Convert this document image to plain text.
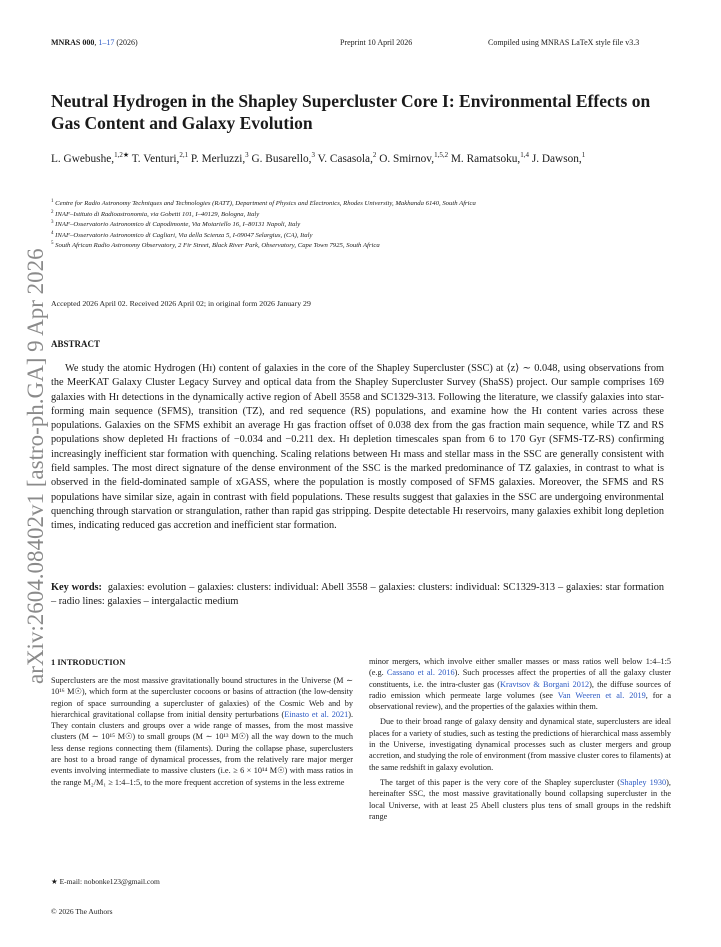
MNRAS 000, 1–17 (2026)	Preprint 10 April 2026	Compiled using MNRAS LaTeX style file v3.3
arXiv:2604.08402v1 [astro-ph.GA] 9 Apr 2026
Neutral Hydrogen in the Shapley Supercluster Core I: Environmental Effects on Gas Content and Galaxy Evolution
L. Gwebushe,$^{1,2★}$ T. Venturi,$^{2,1}$ P. Merluzzi,$^3$ G. Busarello,$^3$ V. Casasola,$^2$ O. Smirnov,$^{1,5,2}$ M. Ramatsoku,$^{1,4}$ J. Dawson,$^1$
$^1$ Centre for Radio Astronomy Techniques and Technologies (RATT), Department of Physics and Electronics, Rhodes University, Makhanda 6140, South Africa
$^2$ INAF–Istituto di Radioastronomia, via Gobetti 101, I–40129, Bologna, Italy
$^3$ INAF–Osservatorio Astronomico di Capodimonte, Via Moiariello 16, I–80131 Napoli, Italy
$^4$ INAF–Osservatorio Astronomico di Cagliari, Via della Scienza 5, I-09047 Selargius, (CA), Italy
$^5$ South African Radio Astronomy Observatory, 2 Fir Street, Black River Park, Observatory, Cape Town 7925, South Africa
Accepted 2026 April 02. Received 2026 April 02; in original form 2026 January 29
ABSTRACT
We study the atomic Hydrogen (Hɪ) content of galaxies in the core of the Shapley Supercluster (SSC) at ⟨z⟩ ∼ 0.048, using observations from the MeerKAT Galaxy Cluster Legacy Survey and optical data from the Shapley Supercluster Survey (ShaSS) project. Our sample comprises 169 galaxies with Hɪ detections in the dynamically active region of Abell 3558 and SC1329-313. Following the literature, we classify galaxies into star-forming main sequence (SFMS), transition (TZ), and red sequence (RS) populations, and examine how the Hɪ content varies across these populations. Galaxies on the SFMS exhibit an average Hɪ gas fraction offset of 0.038 dex from the gas fraction main sequence, while TZ and RS populations show depleted Hɪ fractions of −0.034 and −0.211 dex. Hɪ depletion timescales span from 6 to 170 Gyr (SFMS-TZ-RS) confirming increasingly inefficient star formation with quenching. Scaling relations between Hɪ mass and stellar mass in the SSC are generally consistent with field samples. The most direct signature of the dense environment of the SSC is the marked predominance of TZ galaxies, in contrast to what is observed in the field-dominated sample of xGASS, where the population is mostly composed of SFMS galaxies. Moreover, the SFMS and RS populations have similar size, again in contrast with field populations. These results suggest that galaxies in the SSC are undergoing environmental quenching through starvation or strangulation, rather than rapid gas stripping. Despite detectable Hɪ reservoirs, many galaxies exhibit long depletion times, indicating reduced gas accretion and inefficient star formation.
Key words: galaxies: evolution – galaxies: clusters: individual: Abell 3558 – galaxies: clusters: individual: SC1329-313 – galaxies: star formation – radio lines: galaxies – intergalactic medium
1 INTRODUCTION

Superclusters are the most massive gravitationally bound structures in the Universe (M ∼ 10¹⁶ M☉), which form at the supercluster cocoons or basins of attraction (the low-density region of space surrounding a supercluster of galaxies) of the Cosmic Web and by hierarchical gravitational collapse from initial density perturbations (Einasto et al. 2021). They contain clusters and groups over a wide range of masses, from the most massive clusters (M ∼ 10¹⁵ M☉) to small groups (M ∼ 10¹³ M☉) all the way down to the much less dense regions connecting them (filaments). During the collapse phase, superclusters are host to a broad range of dynamical processes, from the relatively rare major merger events involving intermediate to massive clusters (i.e. ≥ 6 × 10¹⁴ M☉) with mass ratios in the range M₂/M₁ ≥ 1:4–1:5, to the more frequent accretion of systems in the less extreme

minor mergers, which involve either smaller masses or mass ratios well below 1:4–1:5 (e.g. Cassano et al. 2016). Such processes affect the properties of all the galaxy cluster constituents, i.e. the intra-cluster gas (Kravtsov & Borgani 2012), the diffuse sources of radio emission which permeate large volumes (see Van Weeren et al. 2019, for a observational review), and the properties of the galaxies within them.

Due to their broad range of galaxy density and dynamical state, superclusters are ideal places for a variety of studies, such as testing the predictions of hierarchical mass assembly in the Universe, investigating dynamical processes such as cluster mergers and group accretion, and studying the role of environment (from massive cluster cores to filaments) at the same redshift in galaxy evolution.

The target of this paper is the very core of the Shapley supercluster (Shapley 1930), hereinafter SSC, the most massive gravitationally bound collapsing supercluster in the local Universe, with at least 25 Abell clusters plus tens of small groups in the redshift range

★ E-mail: nobonke123@gmail.com
© 2026 The Authors
